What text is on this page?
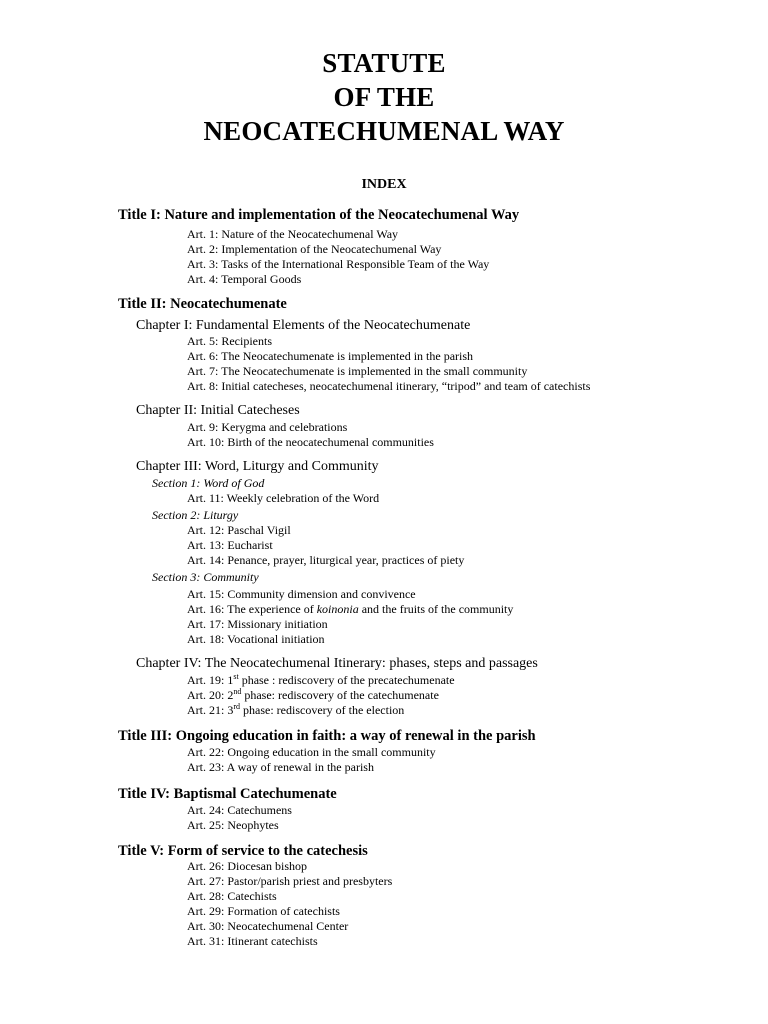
STATUTE
OF THE
NEOCATECHUMENAL WAY
INDEX
Title I: Nature and implementation of the Neocatechumenal Way
Art. 1: Nature of the Neocatechumenal Way
Art. 2: Implementation of the Neocatechumenal Way
Art. 3: Tasks of the International Responsible Team of the Way
Art. 4: Temporal Goods
Title II: Neocatechumenate
Chapter I: Fundamental Elements of the Neocatechumenate
Art. 5: Recipients
Art. 6: The Neocatechumenate is implemented in the parish
Art. 7: The Neocatechumenate is implemented in the small community
Art. 8: Initial catecheses, neocatechumenal itinerary, “tripod” and team of catechists
Chapter II: Initial Catecheses
Art. 9: Kerygma and celebrations
Art. 10: Birth of the neocatechumenal communities
Chapter III: Word, Liturgy and Community
Section 1: Word of God
Art. 11: Weekly celebration of the Word
Section 2: Liturgy
Art. 12: Paschal Vigil
Art. 13: Eucharist
Art. 14: Penance, prayer, liturgical year, practices of piety
Section 3: Community
Art. 15: Community dimension and convivence
Art. 16: The experience of koinonia and the fruits of the community
Art. 17: Missionary initiation
Art. 18: Vocational initiation
Chapter IV: The Neocatechumenal Itinerary: phases, steps and passages
Art. 19: 1st phase : rediscovery of the precatechumenate
Art. 20: 2nd phase: rediscovery of the catechumenate
Art. 21: 3rd phase: rediscovery of the election
Title III: Ongoing education in faith: a way of renewal in the parish
Art. 22: Ongoing education in the small community
Art. 23: A way of renewal in the parish
Title IV: Baptismal Catechumenate
Art. 24: Catechumens
Art. 25: Neophytes
Title V: Form of service to the catechesis
Art. 26: Diocesan bishop
Art. 27: Pastor/parish priest and presbyters
Art. 28: Catechists
Art. 29: Formation of catechists
Art. 30: Neocatechumenal Center
Art. 31: Itinerant catechists
